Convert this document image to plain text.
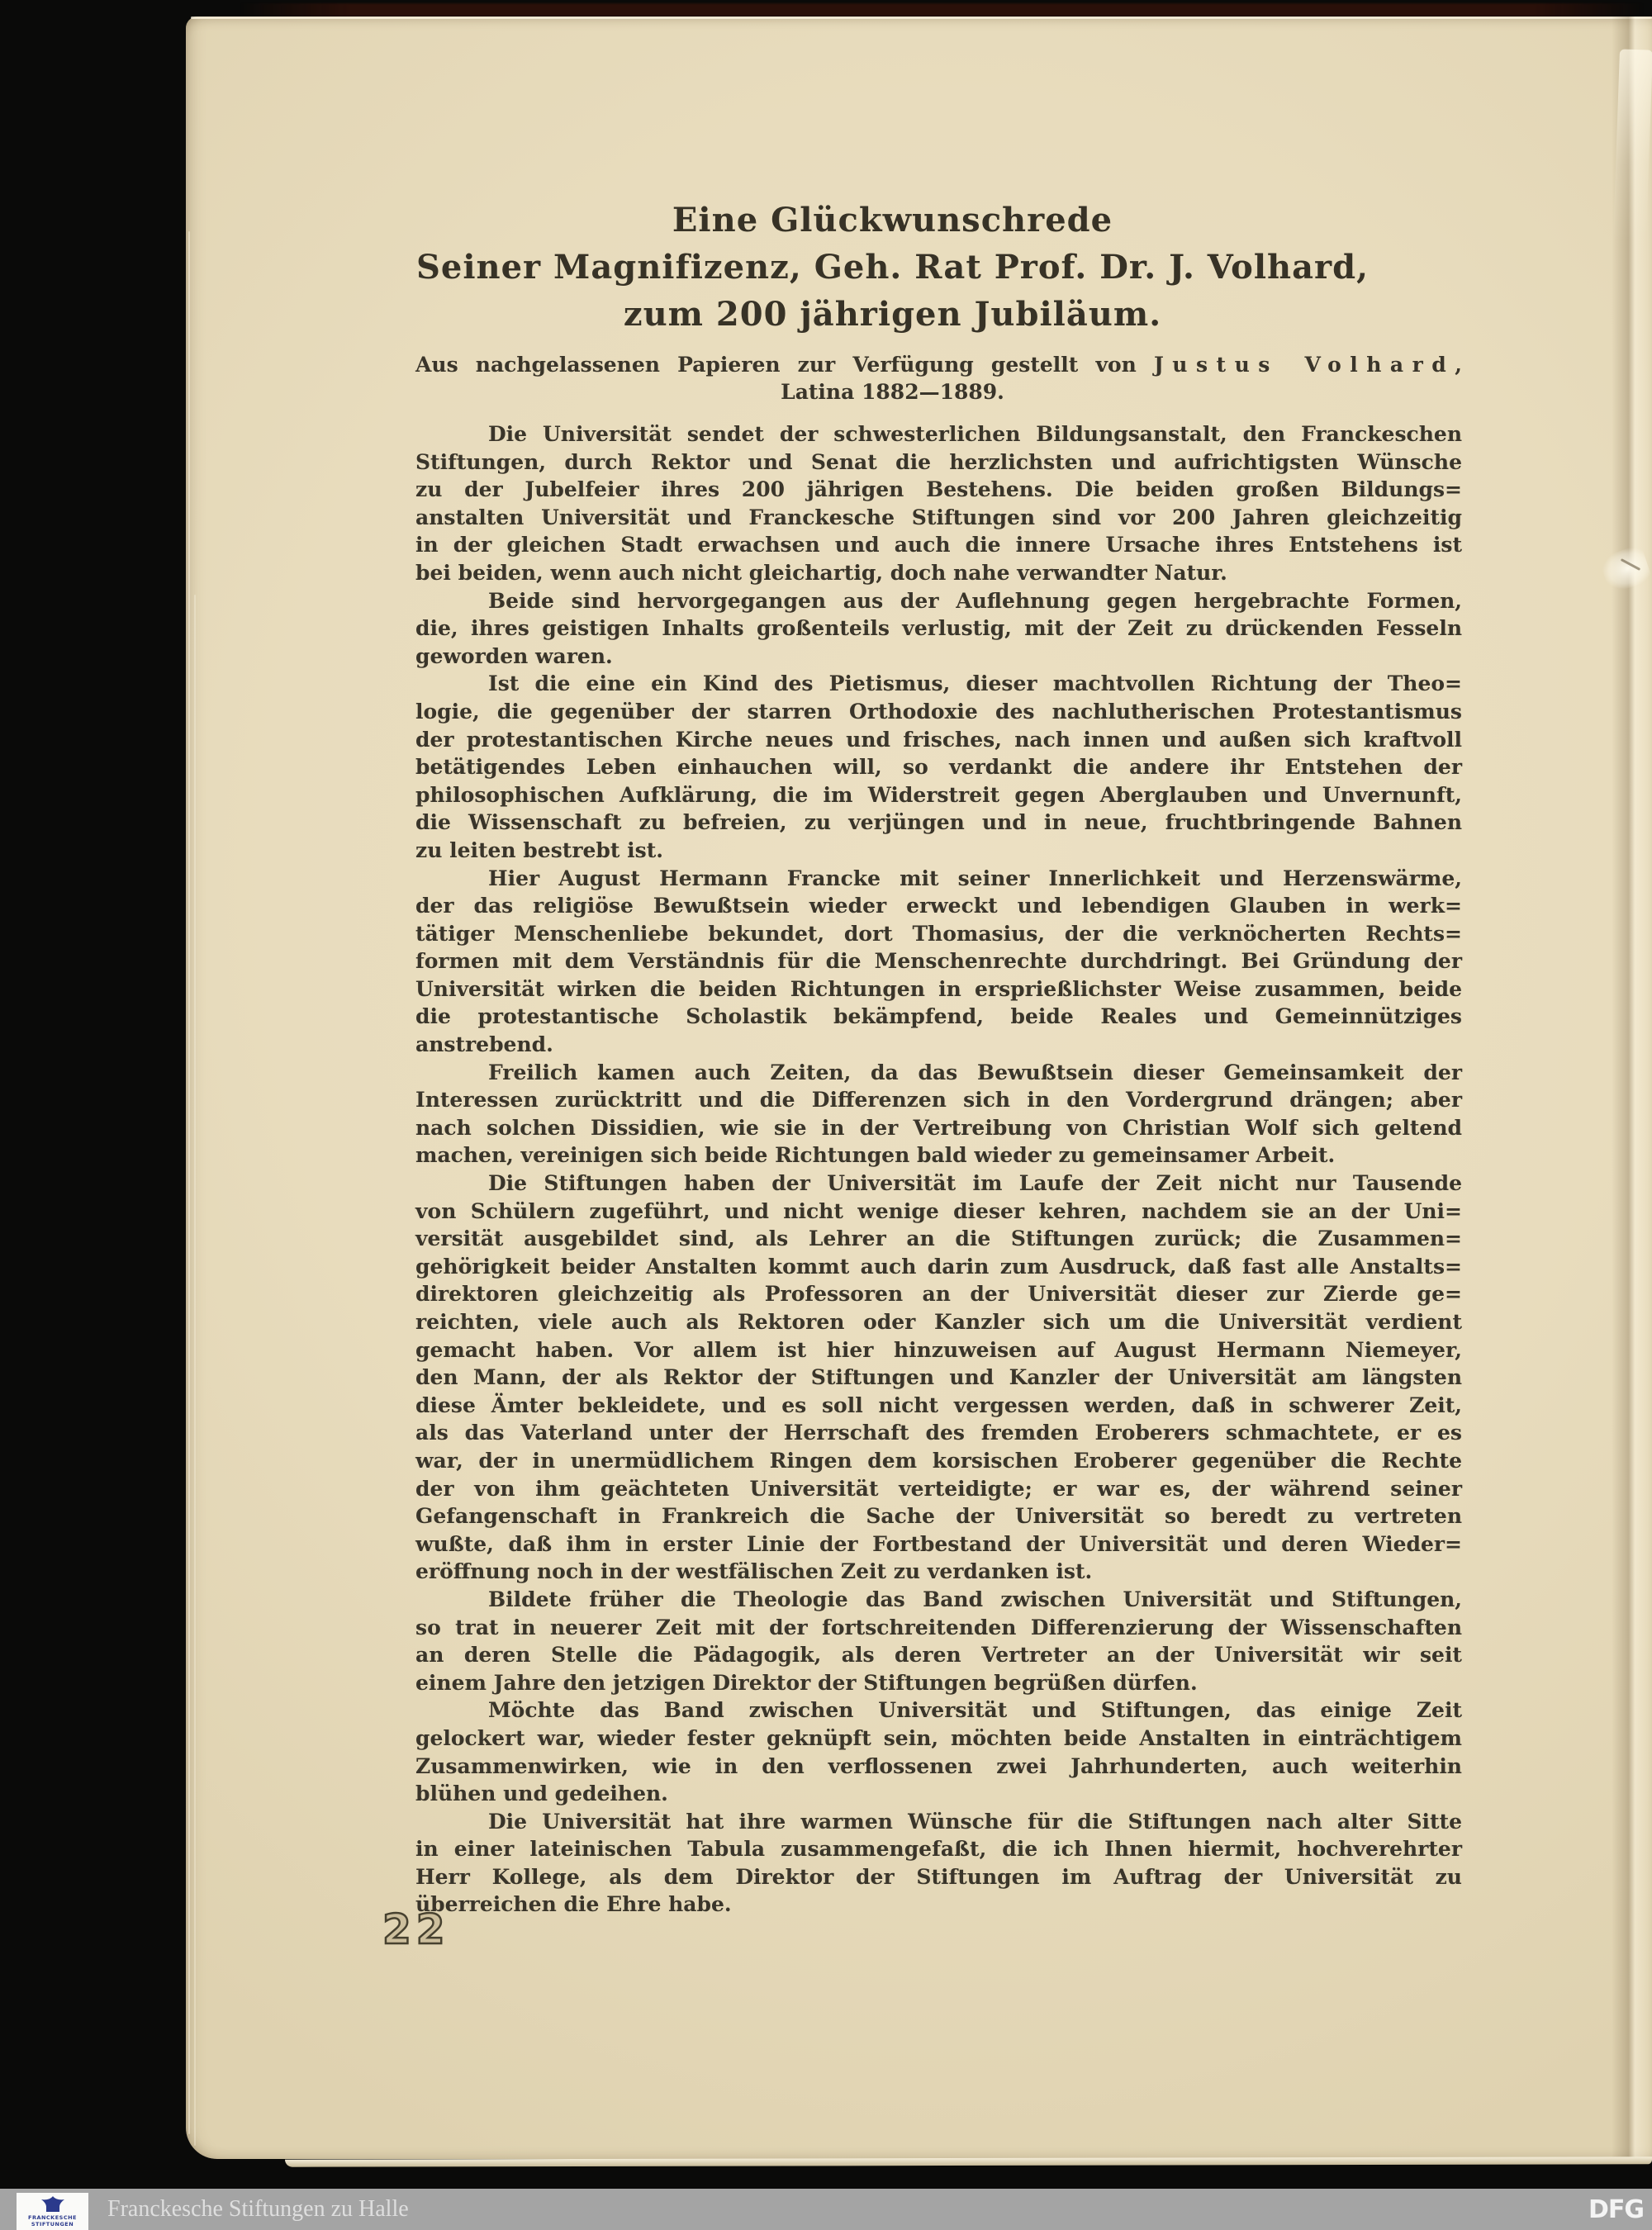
Eine Glückwunschrede
Seiner Magnifizenz, Geh. Rat Prof. Dr. J. Volhard,
zum 200 jährigen Jubiläum.
Aus nachgelassenen Papieren zur Verfügung gestellt von Justus Volhard,
Latina 1882—1889.
Die Universität sendet der schwesterlichen Bildungsanstalt, den Franckeschen
Stiftungen, durch Rektor und Senat die herzlichsten und aufrichtigsten Wünsche
zu der Jubelfeier ihres 200 jährigen Bestehens. Die beiden großen Bildungs=
anstalten Universität und Franckesche Stiftungen sind vor 200 Jahren gleichzeitig
in der gleichen Stadt erwachsen und auch die innere Ursache ihres Entstehens ist
bei beiden, wenn auch nicht gleichartig, doch nahe verwandter Natur.
Beide sind hervorgegangen aus der Auflehnung gegen hergebrachte Formen,
die, ihres geistigen Inhalts großenteils verlustig, mit der Zeit zu drückenden Fesseln
geworden waren.
Ist die eine ein Kind des Pietismus, dieser machtvollen Richtung der Theo=
logie, die gegenüber der starren Orthodoxie des nachlutherischen Protestantismus
der protestantischen Kirche neues und frisches, nach innen und außen sich kraftvoll
betätigendes Leben einhauchen will, so verdankt die andere ihr Entstehen der
philosophischen Aufklärung, die im Widerstreit gegen Aberglauben und Unvernunft,
die Wissenschaft zu befreien, zu verjüngen und in neue, fruchtbringende Bahnen
zu leiten bestrebt ist.
Hier August Hermann Francke mit seiner Innerlichkeit und Herzenswärme,
der das religiöse Bewußtsein wieder erweckt und lebendigen Glauben in werk=
tätiger Menschenliebe bekundet, dort Thomasius, der die verknöcherten Rechts=
formen mit dem Verständnis für die Menschenrechte durchdringt. Bei Gründung der
Universität wirken die beiden Richtungen in ersprießlichster Weise zusammen, beide
die protestantische Scholastik bekämpfend, beide Reales und Gemeinnütziges anstrebend.
Freilich kamen auch Zeiten, da das Bewußtsein dieser Gemeinsamkeit der
Interessen zurücktritt und die Differenzen sich in den Vordergrund drängen; aber
nach solchen Dissidien, wie sie in der Vertreibung von Christian Wolf sich geltend
machen, vereinigen sich beide Richtungen bald wieder zu gemeinsamer Arbeit.
Die Stiftungen haben der Universität im Laufe der Zeit nicht nur Tausende
von Schülern zugeführt, und nicht wenige dieser kehren, nachdem sie an der Uni=
versität ausgebildet sind, als Lehrer an die Stiftungen zurück; die Zusammen=
gehörigkeit beider Anstalten kommt auch darin zum Ausdruck, daß fast alle Anstalts=
direktoren gleichzeitig als Professoren an der Universität dieser zur Zierde ge=
reichten, viele auch als Rektoren oder Kanzler sich um die Universität verdient
gemacht haben. Vor allem ist hier hinzuweisen auf August Hermann Niemeyer,
den Mann, der als Rektor der Stiftungen und Kanzler der Universität am längsten
diese Ämter bekleidete, und es soll nicht vergessen werden, daß in schwerer Zeit,
als das Vaterland unter der Herrschaft des fremden Eroberers schmachtete, er es
war, der in unermüdlichem Ringen dem korsischen Eroberer gegenüber die Rechte
der von ihm geächteten Universität verteidigte; er war es, der während seiner
Gefangenschaft in Frankreich die Sache der Universität so beredt zu vertreten
wußte, daß ihm in erster Linie der Fortbestand der Universität und deren Wieder=
eröffnung noch in der westfälischen Zeit zu verdanken ist.
Bildete früher die Theologie das Band zwischen Universität und Stiftungen,
so trat in neuerer Zeit mit der fortschreitenden Differenzierung der Wissenschaften
an deren Stelle die Pädagogik, als deren Vertreter an der Universität wir seit
einem Jahre den jetzigen Direktor der Stiftungen begrüßen dürfen.
Möchte das Band zwischen Universität und Stiftungen, das einige Zeit
gelockert war, wieder fester geknüpft sein, möchten beide Anstalten in einträchtigem
Zusammenwirken, wie in den verflossenen zwei Jahrhunderten, auch weiterhin
blühen und gedeihen.
Die Universität hat ihre warmen Wünsche für die Stiftungen nach alter Sitte
in einer lateinischen Tabula zusammengefaßt, die ich Ihnen hiermit, hochverehrter
Herr Kollege, als dem Direktor der Stiftungen im Auftrag der Universität zu
überreichen die Ehre habe.
22
FRANCKESCHE
STIFTUNGEN
Franckesche Stiftungen zu Halle	DFG
